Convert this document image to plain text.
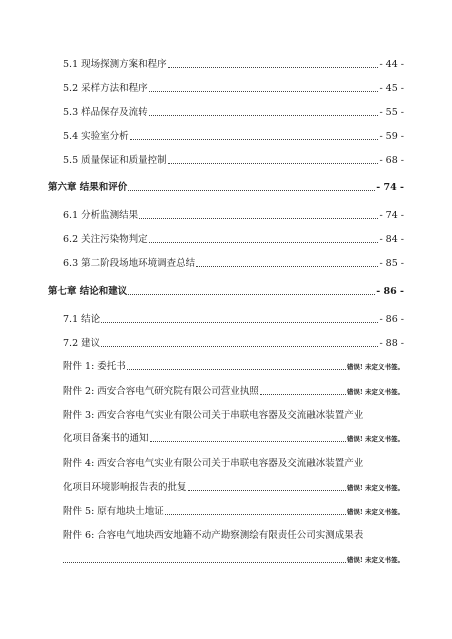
5.1 现场探测方案和程序	- 44 -
5.2 采样方法和程序	- 45 -
5.3 样品保存及流转	- 55 -
5.4 实验室分析	- 59 -
5.5 质量保证和质量控制	- 68 -
第六章 结果和评价	- 74 -
6.1 分析监测结果	- 74 -
6.2 关注污染物判定	- 84 -
6.3 第二阶段场地环境调查总结	- 85 -
第七章 结论和建议	- 86 -
7.1 结论	- 86 -
7.2 建议	- 88 -
附件 1: 委托书	错误! 未定义书签。
附件 2: 西安合容电气研究院有限公司营业执照	错误! 未定义书签。
附件 3: 西安合容电气实业有限公司关于串联电容器及交流融冰装置产业
化项目备案书的通知	错误! 未定义书签。
附件 4: 西安合容电气实业有限公司关于串联电容器及交流融冰装置产业
化项目环境影响报告表的批复	错误! 未定义书签。
附件 5: 原有地块土地证	错误! 未定义书签。
附件 6: 合容电气地块西安地籍不动产勘察测绘有限责任公司实测成果表
错误! 未定义书签。
